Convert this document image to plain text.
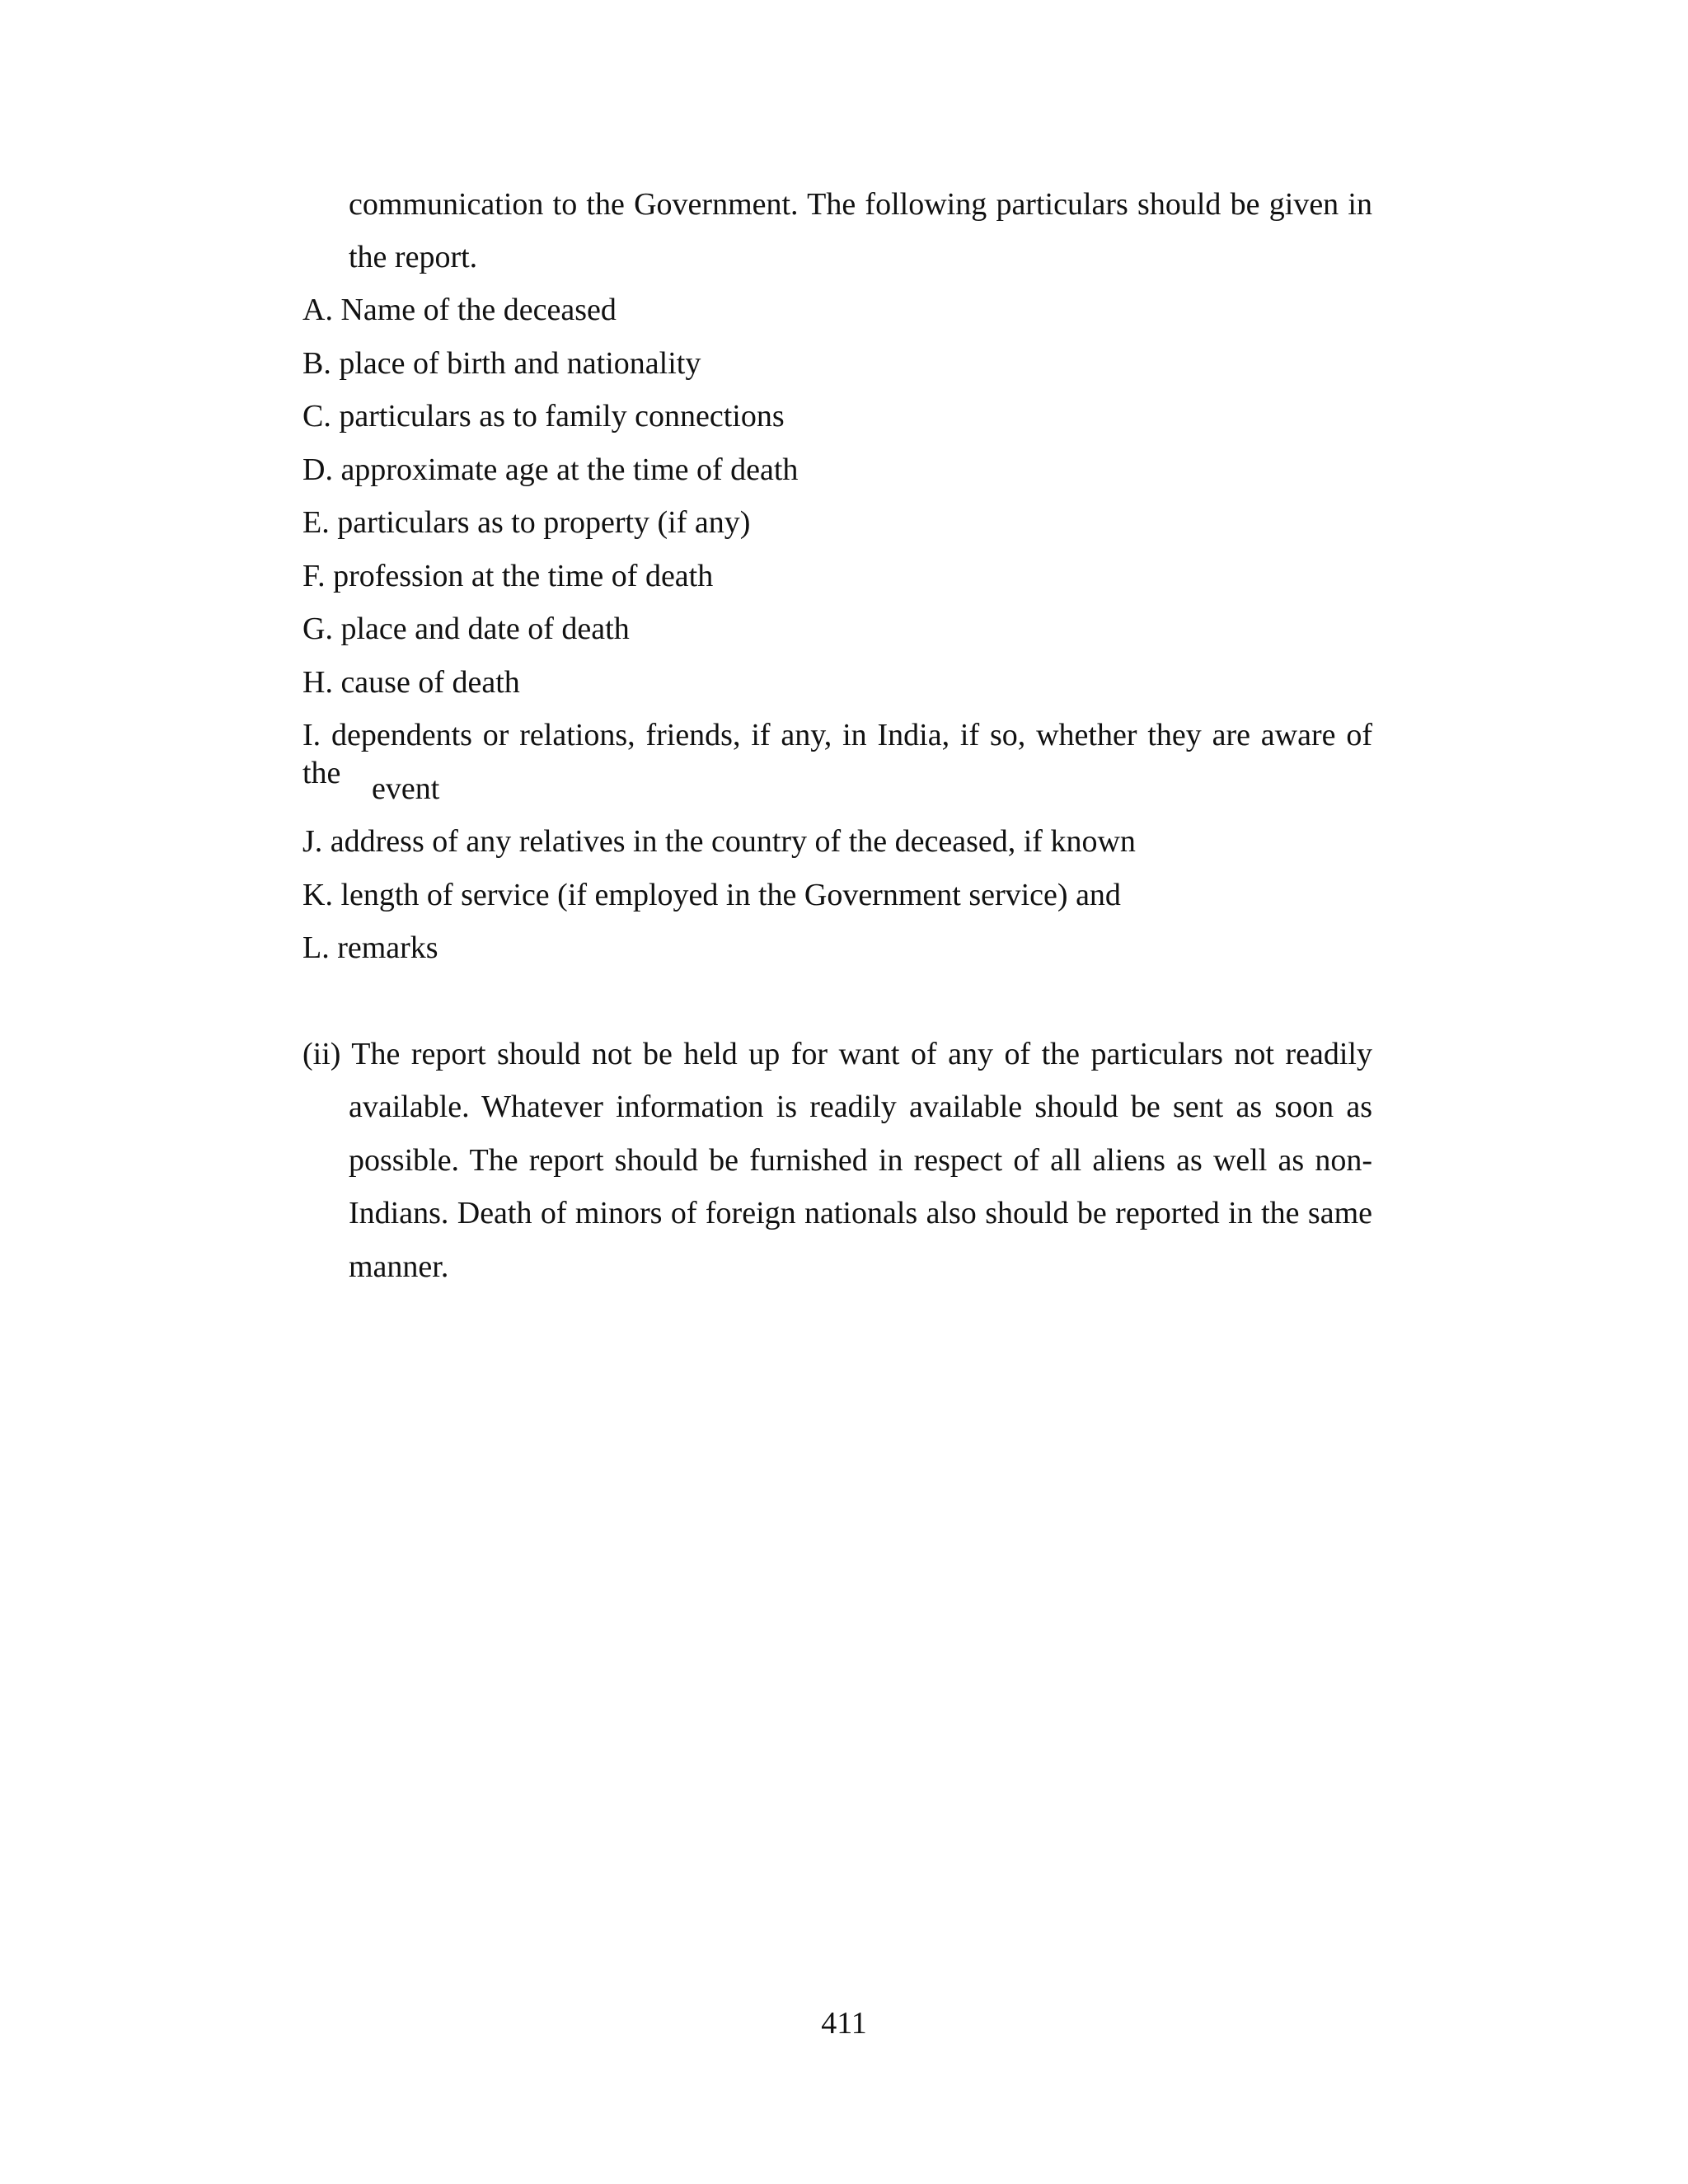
communication to the Government. The following particulars should be given in
the report.
A. Name of the deceased
B. place of birth and nationality
C. particulars as to family connections
D. approximate age at the time of death
E. particulars as to property (if any)
F. profession at the time of death
G. place and date of death
H. cause of death
I. dependents or relations, friends, if any, in India, if so, whether they are aware of the event
J. address of any relatives in the country of the deceased, if known
K. length of service (if employed in the Government service) and
L. remarks
(ii) The report should not be held up for want of any of the particulars not readily
available. Whatever information is readily available should be sent as soon as
possible. The report should be furnished in respect of all aliens as well as non-
Indians. Death of minors of foreign nationals also should be reported in the same
manner.
411
